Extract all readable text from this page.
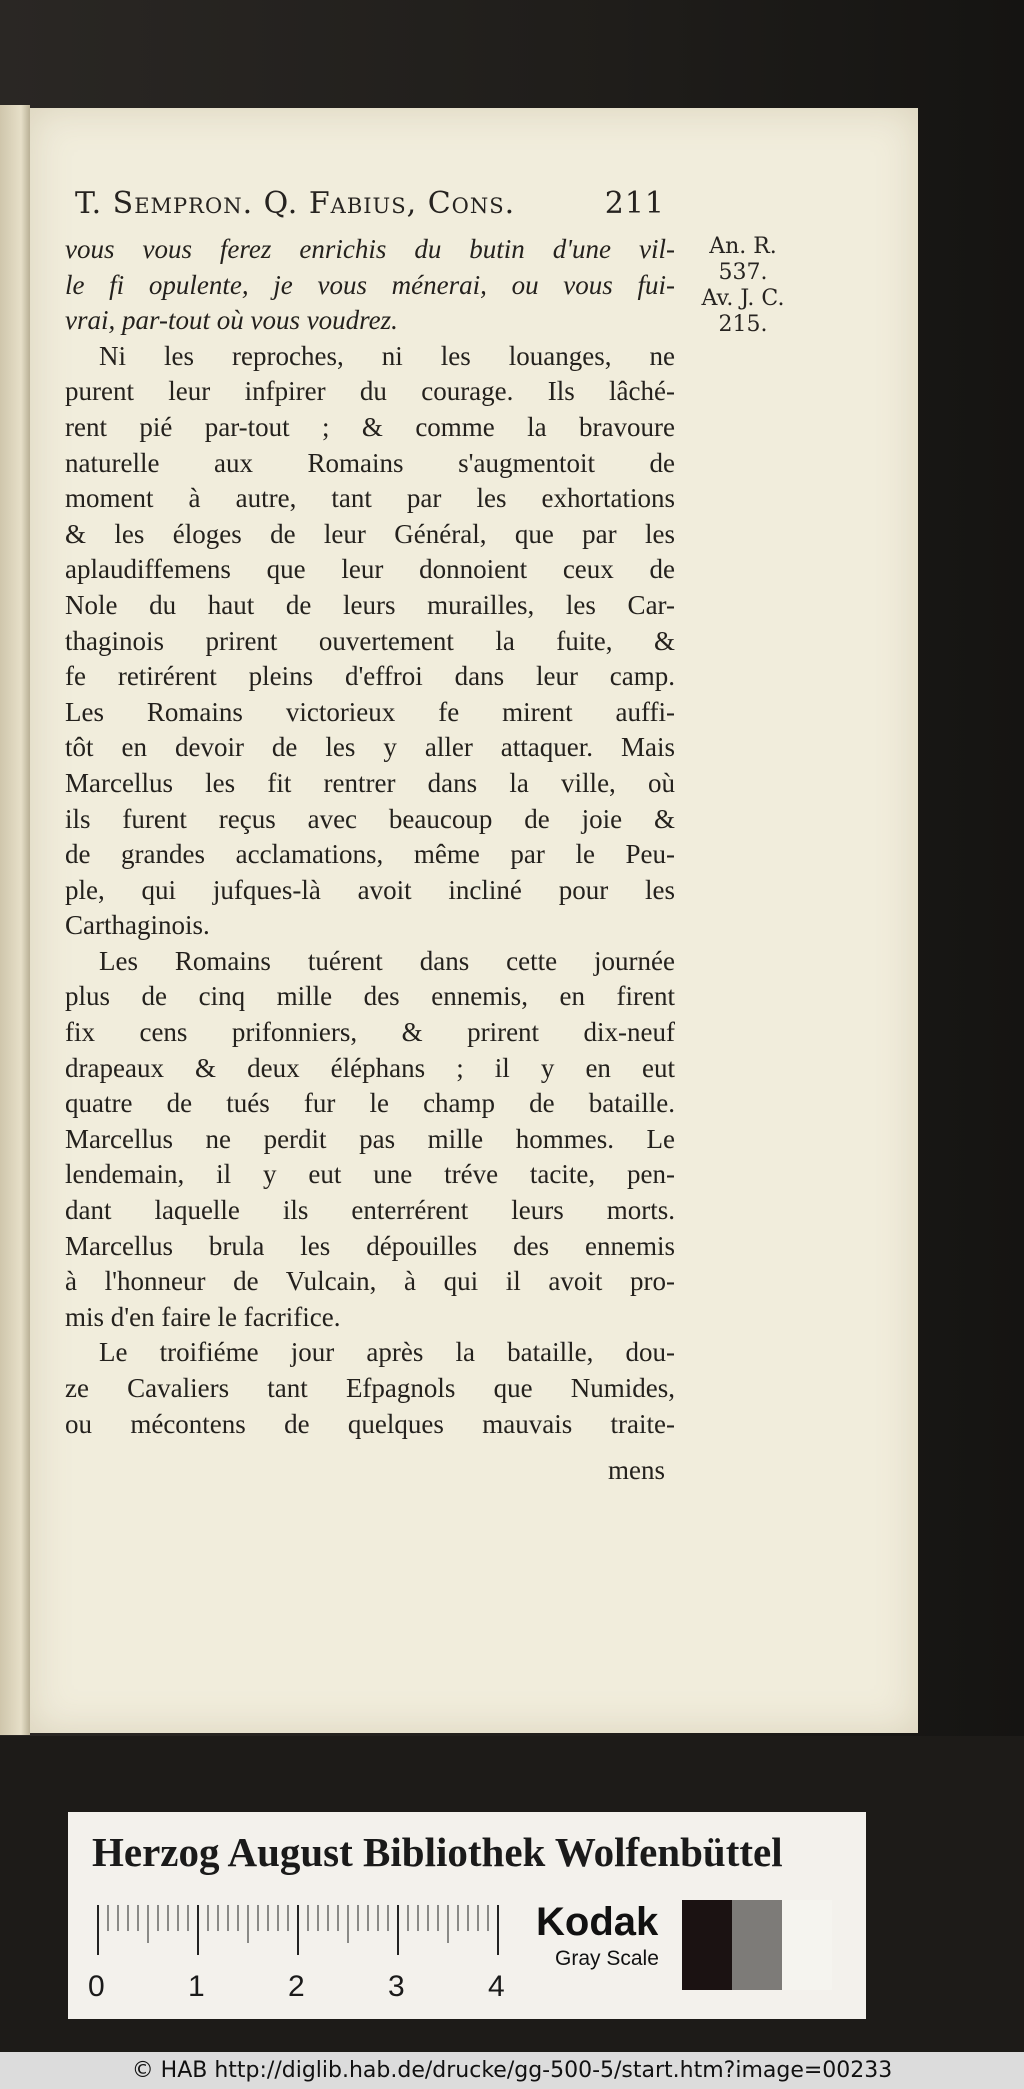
T. Sempron. Q. Fabius, Cons.	211
An. R.
537.
Av. J. C.
215.
vous vous ferez enrichis du butin d'une vil-
le fi opulente, je vous ménerai, ou vous fui-
vrai, par-tout où vous voudrez.
Ni les reproches, ni les louanges, ne
purent leur infpirer du courage. Ils lâché-
rent pié par-tout ; & comme la bravoure
naturelle aux Romains s'augmentoit de
moment à autre, tant par les exhortations
& les éloges de leur Général, que par les
aplaudiffemens que leur donnoient ceux de
Nole du haut de leurs murailles, les Car-
thaginois prirent ouvertement la fuite, &
fe retirérent pleins d'effroi dans leur camp.
Les Romains victorieux fe mirent auffi-
tôt en devoir de les y aller attaquer. Mais
Marcellus les fit rentrer dans la ville, où
ils furent reçus avec beaucoup de joie &
de grandes acclamations, même par le Peu-
ple, qui jufques-là avoit incliné pour les
Carthaginois.
Les Romains tuérent dans cette journée
plus de cinq mille des ennemis, en firent
fix cens prifonniers, & prirent dix-neuf
drapeaux & deux éléphans ; il y en eut
quatre de tués fur le champ de bataille.
Marcellus ne perdit pas mille hommes. Le
lendemain, il y eut une tréve tacite, pen-
dant laquelle ils enterrérent leurs morts.
Marcellus brula les dépouilles des ennemis
à l'honneur de Vulcain, à qui il avoit pro-
mis d'en faire le facrifice.
Le troifiéme jour après la bataille, dou-
ze Cavaliers tant Efpagnols que Numides,
ou mécontens de quelques mauvais traite-
mens
Herzog August Bibliothek Wolfenbüttel
0	1	2	3	4
Kodak
Gray Scale
© HAB http://diglib.hab.de/drucke/gg-500-5/start.htm?image=00233
